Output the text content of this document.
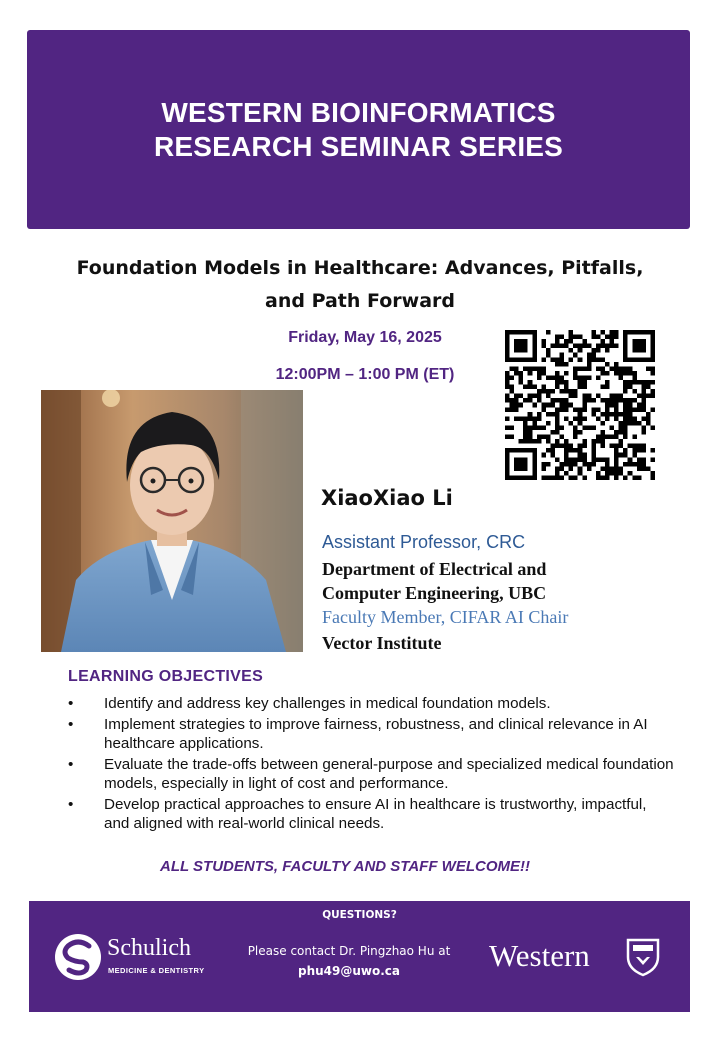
WESTERN BIOINFORMATICS
RESEARCH SEMINAR SERIES
Foundation Models in Healthcare: Advances, Pitfalls,
and Path Forward
Friday, May 16, 2025
12:00PM – 1:00 PM (ET)
XiaoXiao Li
Assistant Professor, CRC
Department of Electrical and
Computer Engineering, UBC
Faculty Member, CIFAR AI Chair
Vector Institute
LEARNING OBJECTIVES
• Identify and address key challenges in medical foundation models.
• Implement strategies to improve fairness, robustness, and clinical relevance in AI healthcare applications.
• Evaluate the trade-offs between general-purpose and specialized medical foundation models, especially in light of cost and performance.
• Develop practical approaches to ensure AI in healthcare is trustworthy, impactful, and aligned with real-world clinical needs.
ALL STUDENTS, FACULTY AND STAFF WELCOME!!
QUESTIONS?
Schulich
MEDICINE & DENTISTRY
Please contact Dr. Pingzhao Hu at
phu49@uwo.ca	Western
